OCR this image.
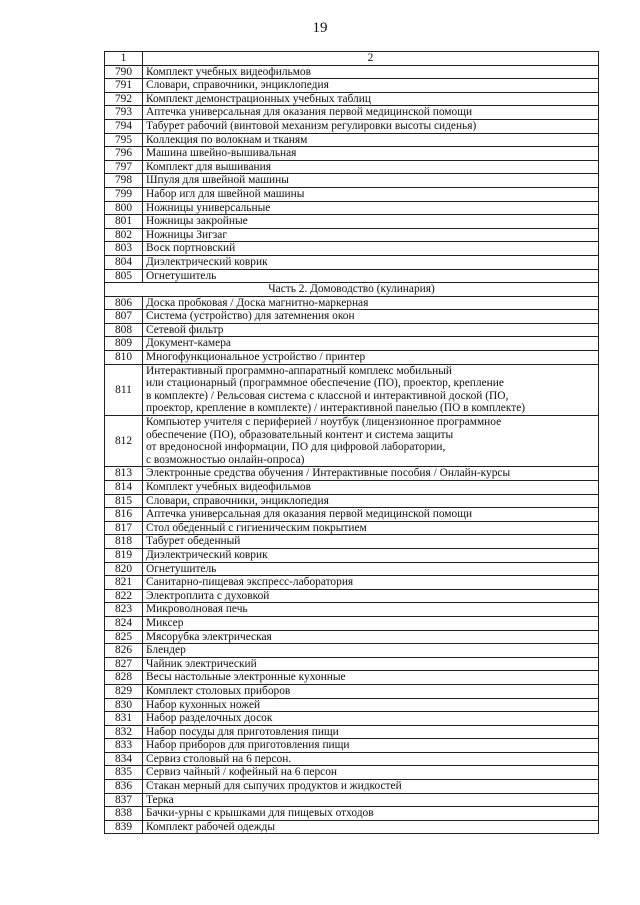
19
1	2
790	Комплект учебных видеофильмов
791	Словари, справочники, энциклопедия
792	Комплект демонстрационных учебных таблиц
793	Аптечка универсальная для оказания первой медицинской помощи
794	Табурет рабочий (винтовой механизм регулировки высоты сиденья)
795	Коллекция по волокнам и тканям
796	Машина швейно-вышивальная
797	Комплект для вышивания
798	Шпуля для швейной машины
799	Набор игл для швейной машины
800	Ножницы универсальные
801	Ножницы закройные
802	Ножницы Зигзаг
803	Воск портновский
804	Диэлектрический коврик
805	Огнетушитель
Часть 2. Домоводство (кулинария)	
806	Доска пробковая / Доска магнитно-маркерная
807	Система (устройство) для затемнения окон
808	Сетевой фильтр
809	Документ-камера
810	Многофункциональное устройство / принтер
811	Интерактивный программно-аппаратный комплекс мобильный
или стационарный (программное обеспечение (ПО), проектор, крепление
в комплекте) / Рельсовая система с классной и интерактивной доской (ПО,
проектор, крепление в комплекте) / интерактивной панелью (ПО в комплекте)

812	Компьютер учителя с периферией / ноутбук (лицензионное программное
обеспечение (ПО), образовательный контент и система защиты
от вредоносной информации, ПО для цифровой лаборатории,
с возможностью онлайн-опроса)

813	Электронные средства обучения / Интерактивные пособия / Онлайн-курсы
814	Комплект учебных видеофильмов
815	Словари, справочники, энциклопедия
816	Аптечка универсальная для оказания первой медицинской помощи
817	Стол обеденный с гигиеническим покрытием
818	Табурет обеденный
819	Диэлектрический коврик
820	Огнетушитель
821	Санитарно-пищевая экспресс-лаборатория
822	Электроплита с духовкой
823	Микроволновая печь
824	Миксер
825	Мясорубка электрическая
826	Блендер
827	Чайник электрический
828	Весы настольные электронные кухонные
829	Комплект столовых приборов
830	Набор кухонных ножей
831	Набор разделочных досок
832	Набор посуды для приготовления пищи
833	Набор приборов для приготовления пищи
834	Сервиз столовый на 6 персон.
835	Сервиз чайный / кофейный на 6 персон
836	Стакан мерный для сыпучих продуктов и жидкостей
837	Терка
838	Бачки-урны с крышками для пищевых отходов
839	Комплект рабочей одежды
